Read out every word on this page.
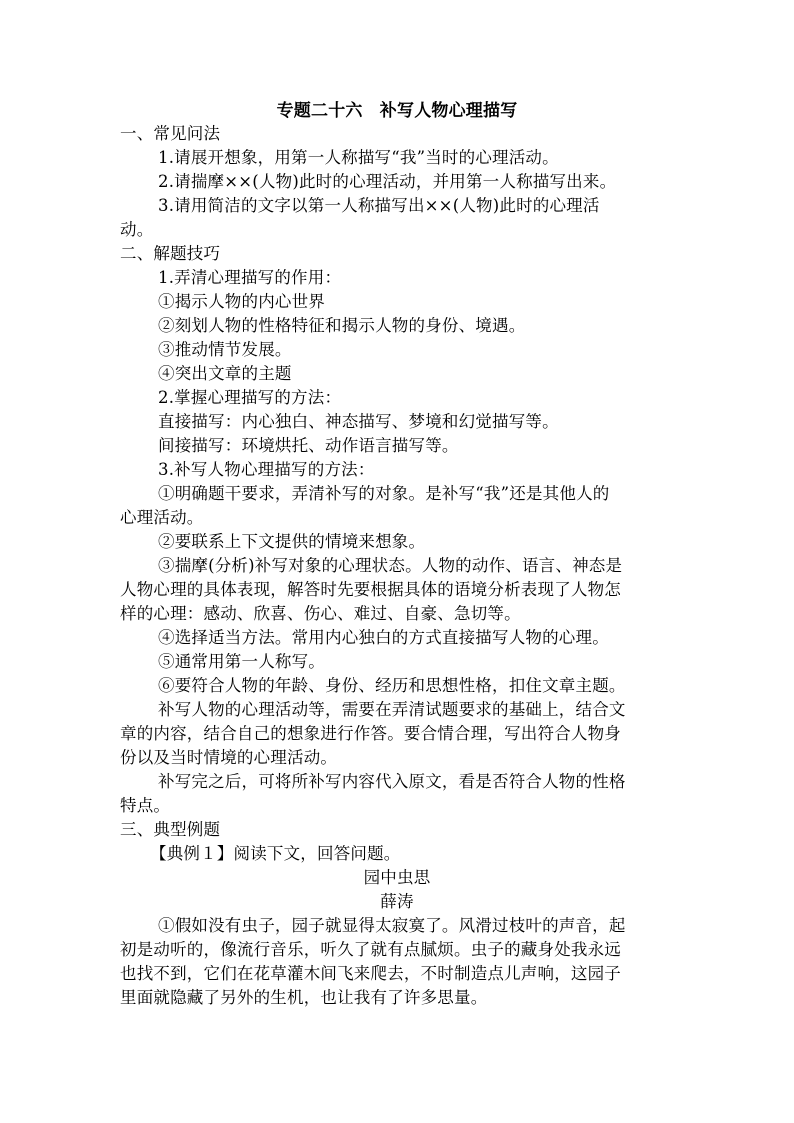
专题二十六　补写人物心理描写
一、常见问法
1.请展开想象，用第一人称描写“我”当时的心理活动。
2.请揣摩××(人物)此时的心理活动，并用第一人称描写出来。
3.请用简洁的文字以第一人称描写出××(人物)此时的心理活
动。
二、解题技巧
1.弄清心理描写的作用：
①揭示人物的内心世界
②刻划人物的性格特征和揭示人物的身份、境遇。
③推动情节发展。
④突出文章的主题
2.掌握心理描写的方法：
直接描写：内心独白、神态描写、梦境和幻觉描写等。
间接描写：环境烘托、动作语言描写等。
3.补写人物心理描写的方法：
①明确题干要求，弄清补写的对象。是补写“我”还是其他人的
心理活动。
②要联系上下文提供的情境来想象。
③揣摩(分析)补写对象的心理状态。人物的动作、语言、神态是
人物心理的具体表现，解答时先要根据具体的语境分析表现了人物怎
样的心理：感动、欣喜、伤心、难过、自豪、急切等。
④选择适当方法。常用内心独白的方式直接描写人物的心理。
⑤通常用第一人称写。
⑥要符合人物的年龄、身份、经历和思想性格，扣住文章主题。
补写人物的心理活动等，需要在弄清试题要求的基础上，结合文
章的内容，结合自己的想象进行作答。要合情合理，写出符合人物身
份以及当时情境的心理活动。
补写完之后，可将所补写内容代入原文，看是否符合人物的性格
特点。
三、典型例题
【典例１】阅读下文，回答问题。
园中虫思
薛涛
①假如没有虫子，园子就显得太寂寞了。风滑过枝叶的声音，起
初是动听的，像流行音乐，听久了就有点腻烦。虫子的藏身处我永远
也找不到，它们在花草灌木间飞来爬去，不时制造点儿声响，这园子
里面就隐藏了另外的生机，也让我有了许多思量。
